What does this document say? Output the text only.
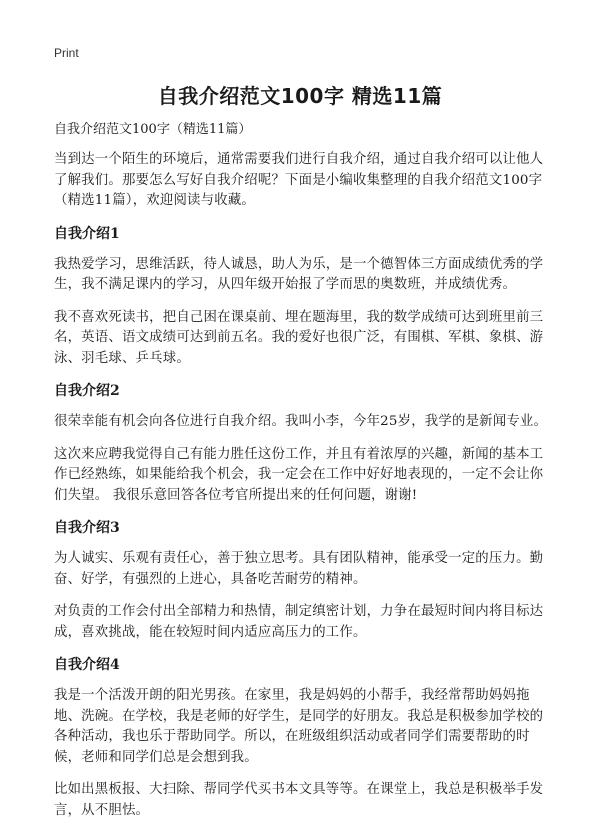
Print
自我介绍范文100字 精选11篇

自我介绍范文100字（精选11篇）

当到达一个陌生的环境后，通常需要我们进行自我介绍，通过自我介绍可以让他人了解我们。那要怎么写好自我介绍呢？下面是小编收集整理的自我介绍范文100字（精选11篇），欢迎阅读与收藏。

自我介绍1

我热爱学习，思维活跃，待人诚恳，助人为乐，是一个德智体三方面成绩优秀的学生，我不满足课内的学习，从四年级开始报了学而思的奥数班，并成绩优秀。

我不喜欢死读书，把自己困在课桌前、埋在题海里，我的数学成绩可达到班里前三名，英语、语文成绩可达到前五名。我的爱好也很广泛，有围棋、军棋、象棋、游泳、羽毛球、乒乓球。

自我介绍2

很荣幸能有机会向各位进行自我介绍。我叫小李，今年25岁，我学的是新闻专业。

这次来应聘我觉得自己有能力胜任这份工作，并且有着浓厚的兴趣，新闻的基本工作已经熟练，如果能给我个机会，我一定会在工作中好好地表现的，一定不会让你们失望。 我很乐意回答各位考官所提出来的任何问题，谢谢!

自我介绍3

为人诚实、乐观有责任心，善于独立思考。具有团队精神，能承受一定的压力。勤奋、好学，有强烈的上进心，具备吃苦耐劳的精神。

对负责的工作会付出全部精力和热情，制定缜密计划，力争在最短时间内将目标达成，喜欢挑战，能在较短时间内适应高压力的工作。

自我介绍4

我是一个活泼开朗的阳光男孩。在家里，我是妈妈的小帮手，我经常帮助妈妈拖地、洗碗。在学校，我是老师的好学生，是同学的好朋友。我总是积极参加学校的各种活动，我也乐于帮助同学。所以，在班级组织活动或者同学们需要帮助的时候，老师和同学们总是会想到我。

比如出黑板报、大扫除、帮同学代买书本文具等等。在课堂上，我总是积极举手发言，从不胆怯。
